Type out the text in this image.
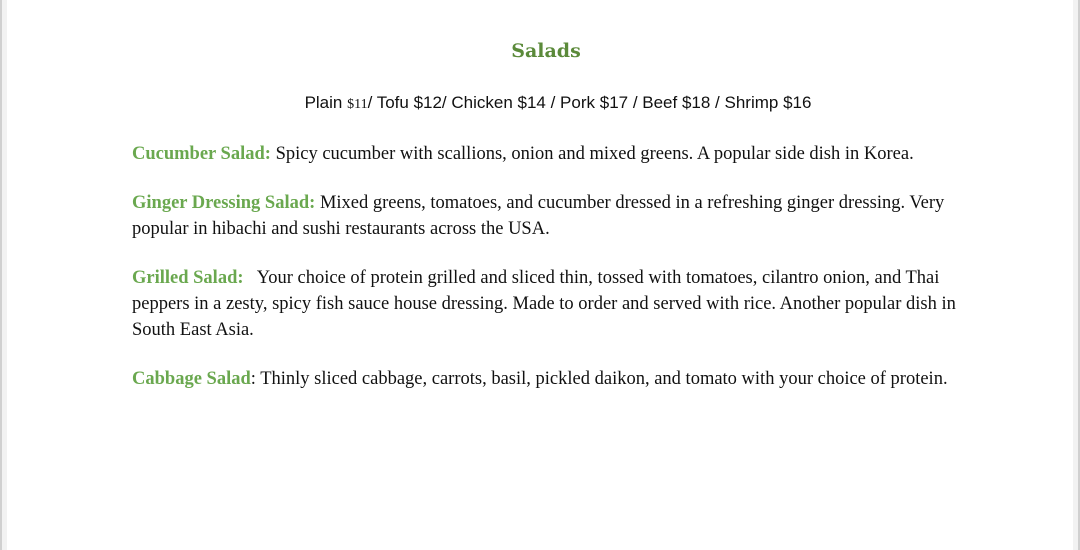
Salads
Plain $11/ Tofu $12/ Chicken $14 / Pork $17 / Beef $18 / Shrimp $16

Cucumber Salad: Spicy cucumber with scallions, onion and mixed greens. A popular side dish in Korea.

Ginger Dressing Salad: Mixed greens, tomatoes, and cucumber dressed in a refreshing ginger dressing. Very popular in hibachi and sushi restaurants across the USA.

Grilled Salad: Your choice of protein grilled and sliced thin, tossed with tomatoes, cilantro onion, and Thai peppers in a zesty, spicy fish sauce house dressing. Made to order and served with rice. Another popular dish in South East Asia.

Cabbage Salad: Thinly sliced cabbage, carrots, basil, pickled daikon, and tomato with your choice of protein.
